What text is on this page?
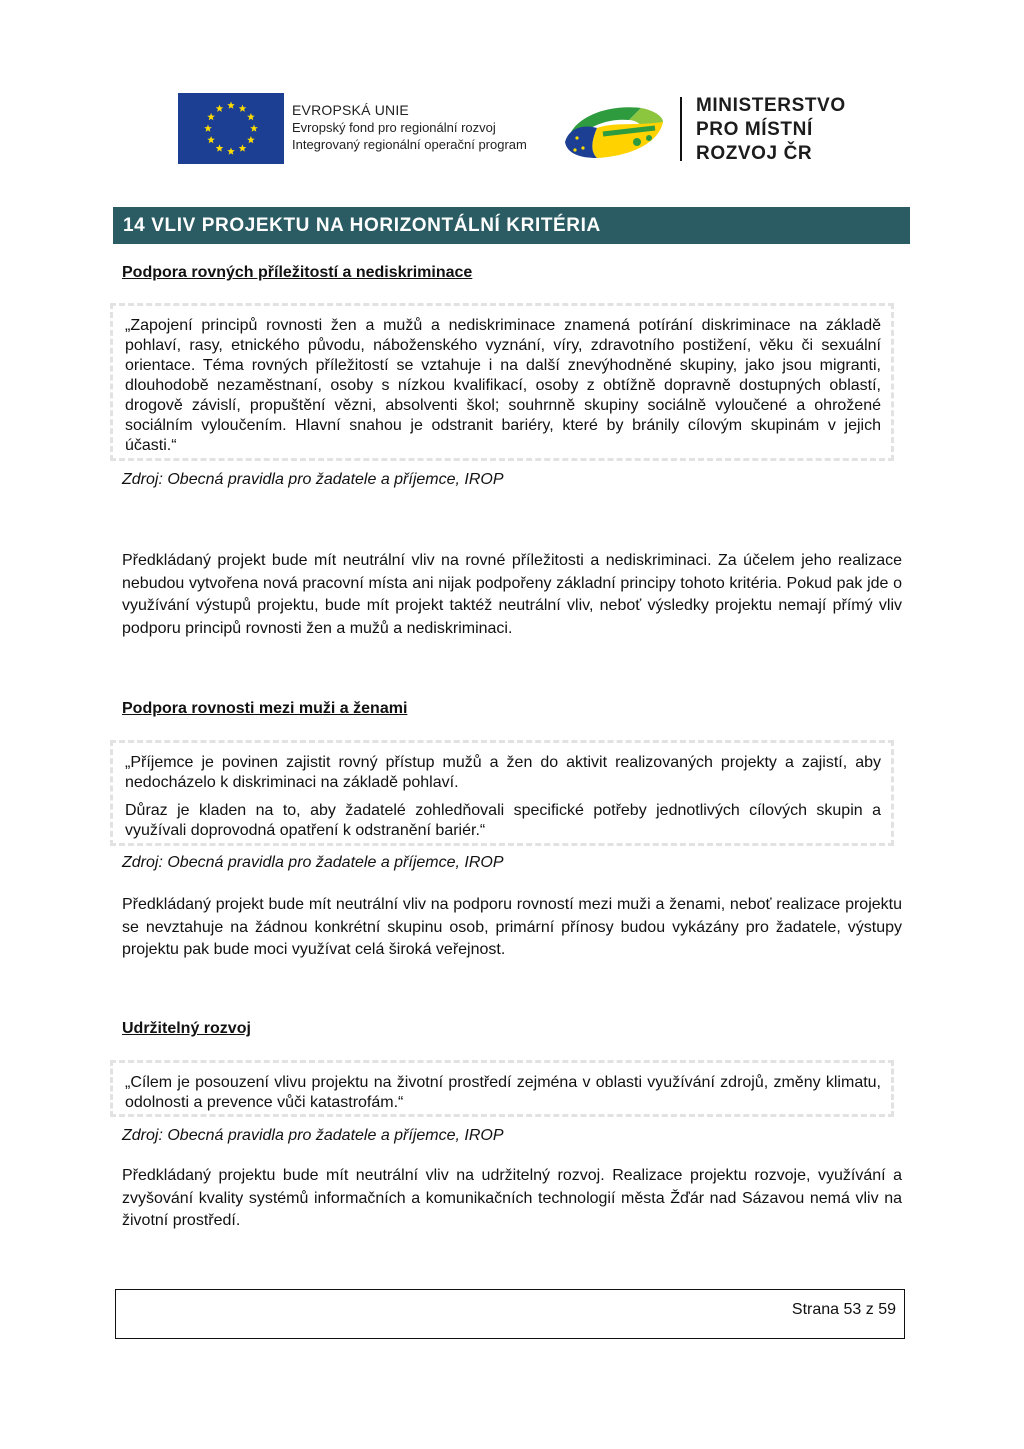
EVROPSKÁ UNIE
Evropský fond pro regionální rozvoj
Integrovaný regionální operační program
MINISTERSTVO
PRO MÍSTNÍ
ROZVOJ ČR
14 VLIV PROJEKTU NA HORIZONTÁLNÍ KRITÉRIA
Podpora rovných příležitostí a nediskriminace

„Zapojení principů rovnosti žen a mužů a nediskriminace znamená potírání diskriminace na základě pohlaví, rasy, etnického původu, náboženského vyznání, víry, zdravotního postižení, věku či sexuální orientace. Téma rovných příležitostí se vztahuje i na další znevýhodněné skupiny, jako jsou migranti, dlouhodobě nezaměstnaní, osoby s nízkou kvalifikací, osoby z obtížně dopravně dostupných oblastí, drogově závislí, propuštění vězni, absolventi škol; souhrnně skupiny sociálně vyloučené a ohrožené sociálním vyloučením. Hlavní snahou je odstranit bariéry, které by bránily cílovým skupinám v jejich účasti.“

Zdroj: Obecná pravidla pro žadatele a příjemce, IROP

Předkládaný projekt bude mít neutrální vliv na rovné příležitosti a nediskriminaci. Za účelem jeho realizace nebudou vytvořena nová pracovní místa ani nijak podpořeny základní principy tohoto kritéria. Pokud pak jde o využívání výstupů projektu, bude mít projekt taktéž neutrální vliv, neboť výsledky projektu nemají přímý vliv podporu principů rovnosti žen a mužů a nediskriminaci.

Podpora rovnosti mezi muži a ženami

„Příjemce je povinen zajistit rovný přístup mužů a žen do aktivit realizovaných projekty a zajistí, aby nedocházelo k diskriminaci na základě pohlaví.

Důraz je kladen na to, aby žadatelé zohledňovali specifické potřeby jednotlivých cílových skupin a využívali doprovodná opatření k odstranění bariér.“

Zdroj: Obecná pravidla pro žadatele a příjemce, IROP

Předkládaný projekt bude mít neutrální vliv na podporu rovností mezi muži a ženami, neboť realizace projektu se nevztahuje na žádnou konkrétní skupinu osob, primární přínosy budou vykázány pro žadatele, výstupy projektu pak bude moci využívat celá široká veřejnost.

Udržitelný rozvoj

„Cílem je posouzení vlivu projektu na životní prostředí zejména v oblasti využívání zdrojů, změny klimatu, odolnosti a prevence vůči katastrofám.“

Zdroj: Obecná pravidla pro žadatele a příjemce, IROP

Předkládaný projektu bude mít neutrální vliv na udržitelný rozvoj. Realizace projektu rozvoje, využívání a zvyšování kvality systémů informačních a komunikačních technologií města Žďár nad Sázavou nemá vliv na životní prostředí.

Strana 53 z 59
